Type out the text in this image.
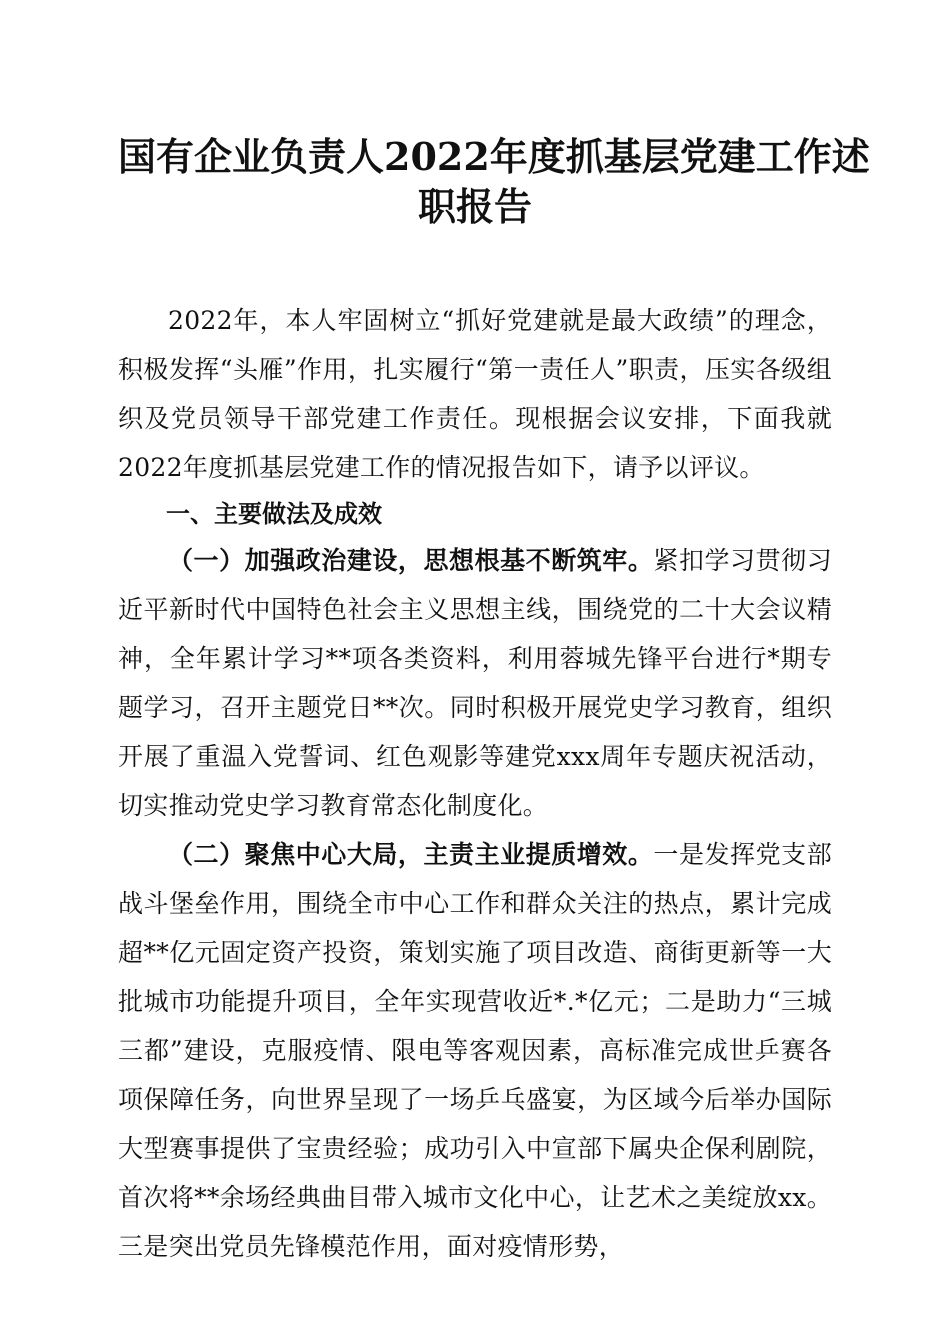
国有企业负责人2022年度抓基层党建工作述
职报告

2022年，本人牢固树立“抓好党建就是最大政绩”的理念，积极发挥“头雁”作用，扎实履行“第一责任人”职责，压实各级组织及党员领导干部党建工作责任。现根据会议安排，下面我就2022年度抓基层党建工作的情况报告如下，请予以评议。

一、主要做法及成效

（一）加强政治建设，思想根基不断筑牢。紧扣学习贯彻习近平新时代中国特色社会主义思想主线，围绕党的二十大会议精神，全年累计学习**项各类资料，利用蓉城先锋平台进行*期专题学习，召开主题党日**次。同时积极开展党史学习教育，组织开展了重温入党誓词、红色观影等建党xxx周年专题庆祝活动，切实推动党史学习教育常态化制度化。

（二）聚焦中心大局，主责主业提质增效。一是发挥党支部战斗堡垒作用，围绕全市中心工作和群众关注的热点，累计完成超**亿元固定资产投资，策划实施了项目改造、商街更新等一大批城市功能提升项目，全年实现营收近*.*亿元；二是助力“三城三都”建设，克服疫情、限电等客观因素，高标准完成世乒赛各项保障任务，向世界呈现了一场乒乓盛宴，为区域今后举办国际大型赛事提供了宝贵经验；成功引入中宣部下属央企保利剧院，首次将**余场经典曲目带入城市文化中心，让艺术之美绽放xx。三是突出党员先锋模范作用，面对疫情形势，
